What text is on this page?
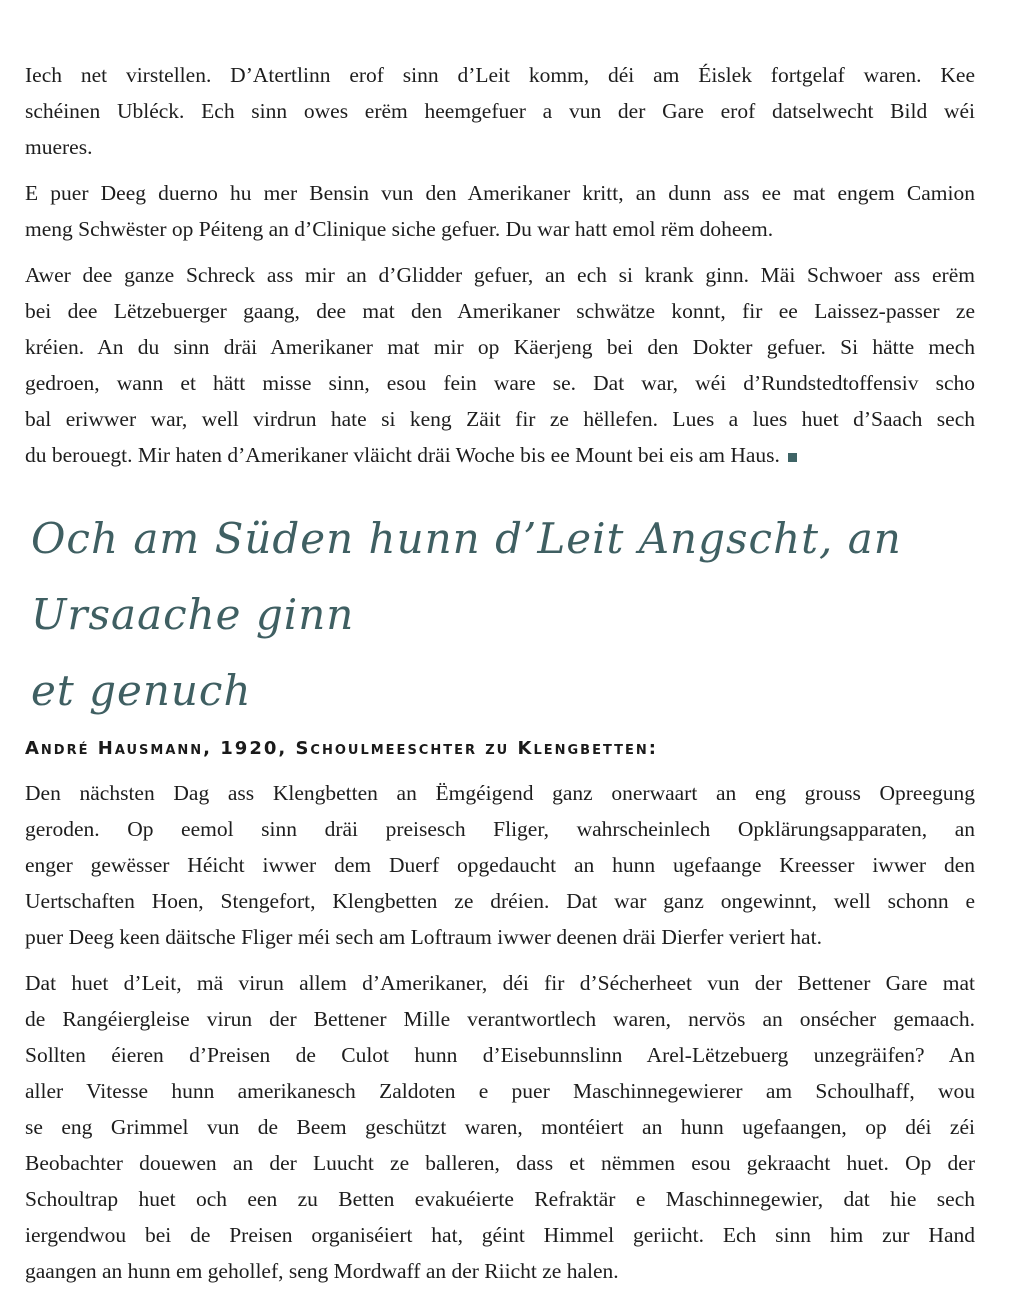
Iech net virstellen. D’Atertlinn erof sinn d’Leit komm, déi am Éislek fortgelaf waren. Kee
schéinen Ubléck. Ech sinn owes erëm heemgefuer a vun der Gare erof datselwecht Bild wéi
mueres.

E puer Deeg duerno hu mer Bensin vun den Amerikaner kritt, an dunn ass ee mat engem Camion
meng Schwëster op Péiteng an d’Clinique siche gefuer. Du war hatt emol rëm doheem.

Awer dee ganze Schreck ass mir an d’Glidder gefuer, an ech si krank ginn. Mäi Schwoer ass erëm
bei dee Lëtzebuerger gaang, dee mat den Amerikaner schwätze konnt, fir ee Laissez-passer ze
kréien. An du sinn dräi Amerikaner mat mir op Käerjeng bei den Dokter gefuer. Si hätte mech
gedroen, wann et hätt misse sinn, esou fein ware se. Dat war, wéi d’Rundstedtoffensiv scho
bal eriwwer war, well virdrun hate si keng Zäit fir ze hëllefen. Lues a lues huet d’Saach sech
du berouegt. Mir haten d’Amerikaner vläicht dräi Woche bis ee Mount bei eis am Haus.

Och am Süden hunn d’Leit Angscht, an Ursaache ginn
et genuch
André Hausmann, 1920, Schoulmeeschter zu Klengbetten:

Den nächsten Dag ass Klengbetten an Ëmgéigend ganz onerwaart an eng grouss Opreegung
geroden. Op eemol sinn dräi preisesch Fliger, wahrscheinlech Opklärungsapparaten, an
enger gewësser Héicht iwwer dem Duerf opgedaucht an hunn ugefaange Kreesser iwwer den
Uertschaften Hoen, Stengefort, Klengbetten ze dréien. Dat war ganz ongewinnt, well schonn e
puer Deeg keen däitsche Fliger méi sech am Loftraum iwwer deenen dräi Dierfer veriert hat.

Dat huet d’Leit, mä virun allem d’Amerikaner, déi fir d’Sécherheet vun der Bettener Gare mat
de Rangéiergleise virun der Bettener Mille verantwortlech waren, nervös an onsécher gemaach.
Sollten éieren d’Preisen de Culot hunn d’Eisebunnslinn Arel-Lëtzebuerg unzegräifen? An
aller Vitesse hunn amerikanesch Zaldoten e puer Maschinnegewierer am Schoulhaff, wou
se eng Grimmel vun de Beem geschützt waren, montéiert an hunn ugefaangen, op déi zéi
Beobachter douewen an der Luucht ze balleren, dass et nëmmen esou gekraacht huet. Op der
Schoultrap huet och een zu Betten evakuéierte Refraktär e Maschinnegewier, dat hie sech
iergendwou bei de Preisen organiséiert hat, géint Himmel geriicht. Ech sinn him zur Hand
gaangen an hunn em gehollef, seng Mordwaff an der Riicht ze halen.
